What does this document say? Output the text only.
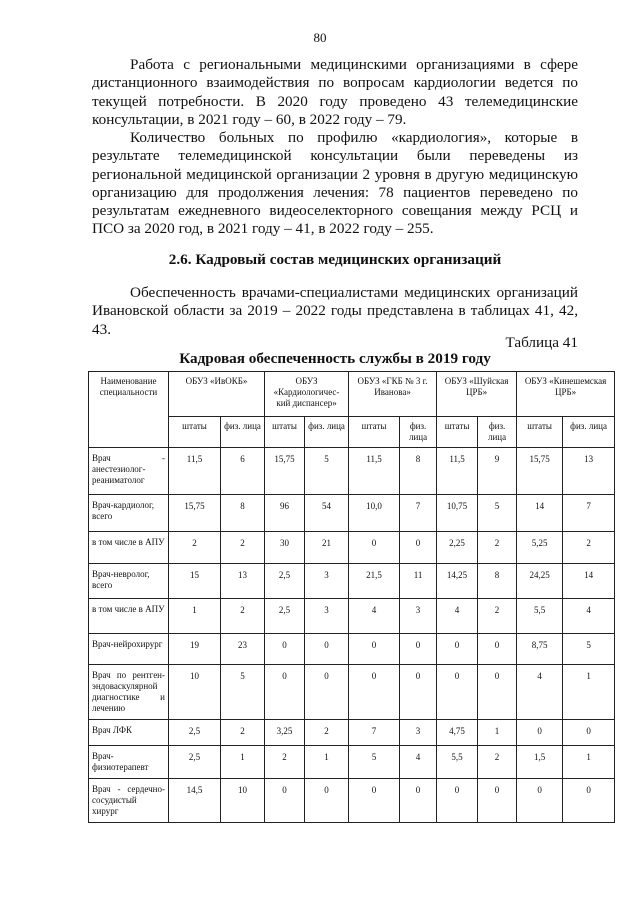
80

Работа с региональными медицинскими организациями в сфере дистанционного взаимодействия по вопросам кардиологии ведется по текущей потребности. В 2020 году проведено 43 телемедицинские консультации, в 2021 году – 60, в 2022 году – 79.

Количество больных по профилю «кардиология», которые в результате телемедицинской консультации были переведены из региональной медицинской организации 2 уровня в другую медицинскую организацию для продолжения лечения: 78 пациентов переведено по результатам ежедневного видеоселекторного совещания между РСЦ и ПСО за 2020 год, в 2021 году – 41, в 2022 году – 255.

2.6. Кадровый состав медицинских организаций

Обеспеченность врачами-специалистами медицинских организаций Ивановской области за 2019 – 2022 годы представлена в таблицах 41, 42, 43.

Таблица 41
Кадровая обеспеченность службы в 2019 году
Наименование специальности	ОБУЗ «ИвОКБ»		ОБУЗ «Кардиологичес-кий диспансер»		ОБУЗ «ГКБ № 3 г. Иванова»		ОБУЗ «Шуйская ЦРБ»		ОБУЗ «Кинешемская ЦРБ»	
	штаты	физ. лица	штаты	физ. лица	штаты	физ. лица	штаты	физ. лица	штаты	физ. лица
Врач - анестезиолог-реаниматолог	11,5	6	15,75	5	11,5	8	11,5	9	15,75	13
Врач-кардиолог, всего	15,75	8	96	54	10,0	7	10,75	5	14	7
в том числе в АПУ	2	2	30	21	0	0	2,25	2	5,25	2
Врач-невролог, всего	15	13	2,5	3	21,5	11	14,25	8	24,25	14
в том числе в АПУ	1	2	2,5	3	4	3	4	2	5,5	4
Врач-нейрохирург	19	23	0	0	0	0	0	0	8,75	5
Врач по рентген-эндоваскулярной диагностике и лечению	10	5	0	0	0	0	0	0	4	1
Врач ЛФК	2,5	2	3,25	2	7	3	4,75	1	0	0
Врач-физиотерапевт	2,5	1	2	1	5	4	5,5	2	1,5	1
Врач - сердечно-сосудистый хирург	14,5	10	0	0	0	0	0	0	0	0
